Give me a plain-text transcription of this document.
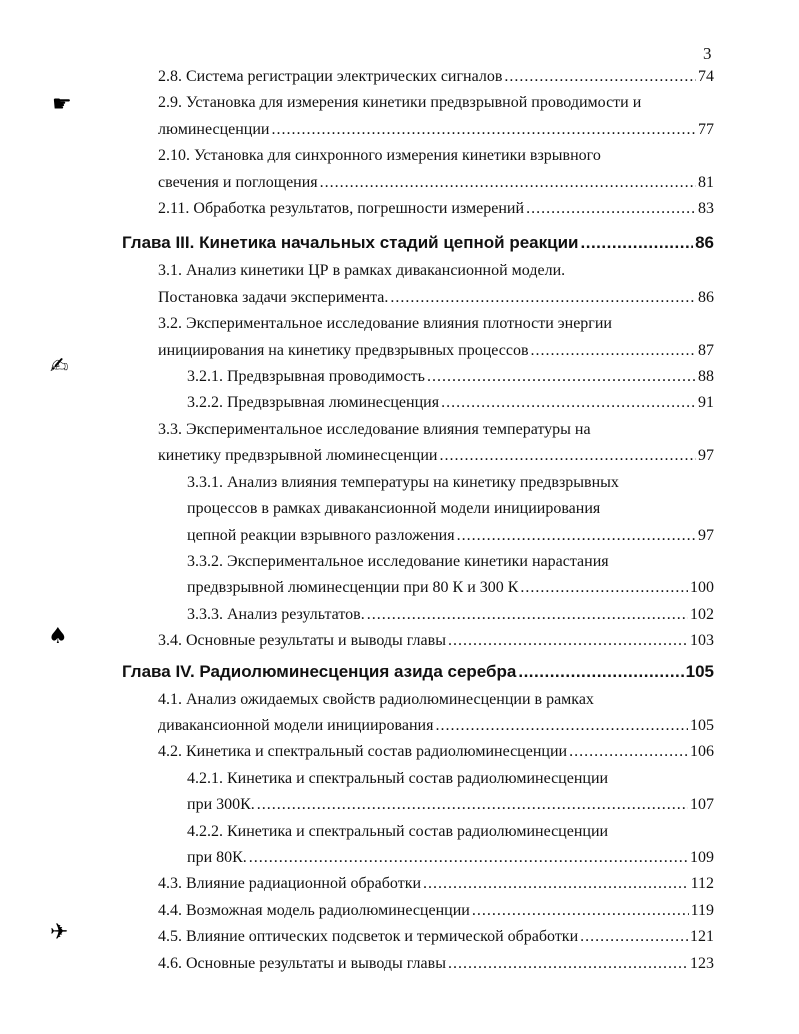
3
☛
✍
♠
✈
2.8. Система регистрации электрических сигналов .....	74
2.9. Установка для измерения кинетики предвзрывной проводимости и
люминесценции .....	77
2.10. Установка для синхронного измерения кинетики взрывного
свечения и поглощения .....	81
2.11. Обработка результатов, погрешности измерений .....	83
Глава III. Кинетика начальных стадий цепной реакции .....	86
3.1. Анализ кинетики ЦР в рамках дивакансионной модели.
Постановка задачи эксперимента. .....	86
3.2. Экспериментальное исследование влияния плотности энергии
инициирования на кинетику предвзрывных процессов .....	87
3.2.1. Предвзрывная проводимость .....	88
3.2.2. Предвзрывная люминесценция .....	91
3.3. Экспериментальное исследование влияния температуры на
кинетику предвзрывной люминесценции .....	97
3.3.1. Анализ влияния температуры на кинетику предвзрывных
процессов в рамках дивакансионной модели инициирования
цепной реакции взрывного разложения .....	97
3.3.2. Экспериментальное исследование кинетики нарастания
предвзрывной люминесценции при 80 К и 300 К .....	100
3.3.3. Анализ результатов. .....	102
3.4. Основные результаты и выводы главы .....	103
Глава IV. Радиолюминесценция азида серебра .....	105
4.1. Анализ ожидаемых свойств радиолюминесценции в рамках
дивакансионной модели инициирования .....	105
4.2. Кинетика и спектральный состав радиолюминесценции .....	106
4.2.1. Кинетика и спектральный состав радиолюминесценции
при 300К. .....	107
4.2.2. Кинетика и спектральный состав радиолюминесценции
при 80К. .....	109
4.3. Влияние радиационной обработки .....	112
4.4. Возможная модель радиолюминесценции .....	119
4.5. Влияние оптических подсветок и термической обработки .....	121
4.6. Основные результаты и выводы главы .....	123
